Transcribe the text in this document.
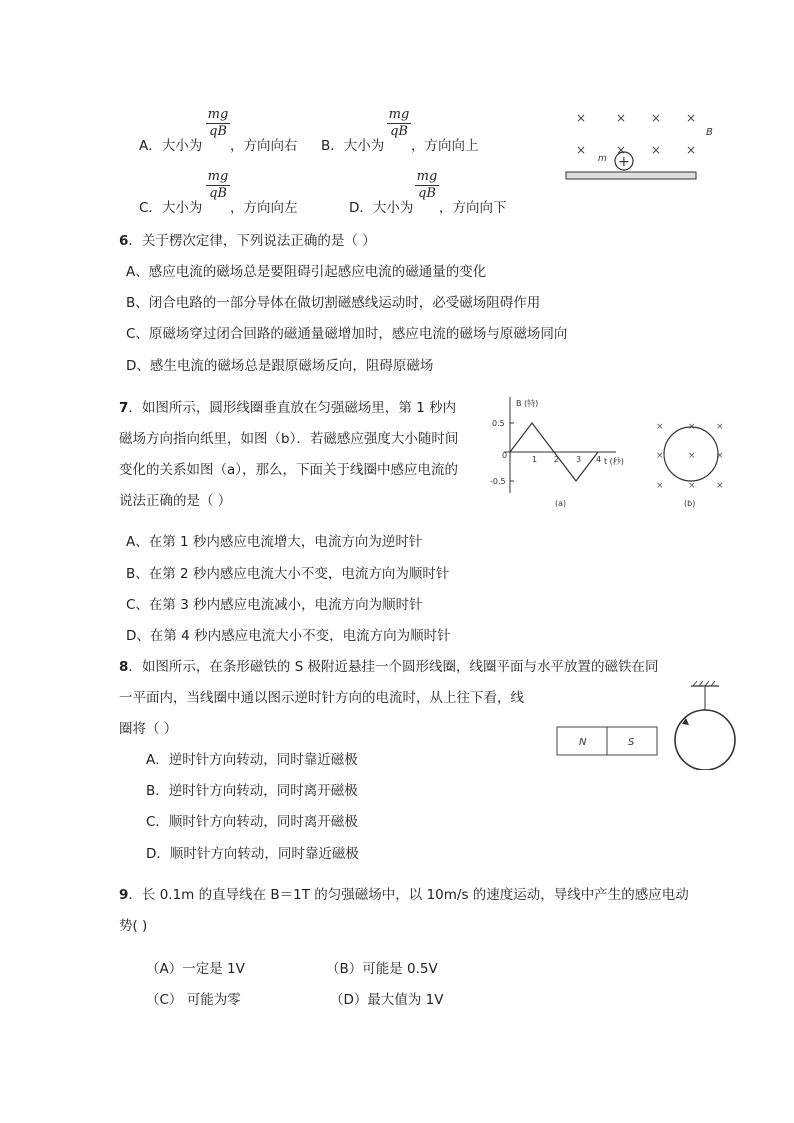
A．大小为
$\frac{mg}{qB}$
，方向向右 B．大小为
$\frac{mg}{qB}$
，方向向上
C．大小为
$\frac{mg}{qB}$
，方向向左	D．大小为
$\frac{mg}{qB}$
，方向向下
× × × ×
× × × ×
B
m +
6．关于楞次定律，下列说法正确的是（ ）
A、感应电流的磁场总是要阻碍引起感应电流的磁通量的变化
B、闭合电路的一部分导体在做切割磁感线运动时，必受磁场阻碍作用
C、原磁场穿过闭合回路的磁通量磁增加时，感应电流的磁场与原磁场同向
D、感生电流的磁场总是跟原磁场反向，阻碍原磁场
7．如图所示，圆形线圈垂直放在匀强磁场里，第 1 秒内
磁场方向指向纸里，如图（b）．若磁感应强度大小随时间
变化的关系如图（a），那么，下面关于线圈中感应电流的
说法正确的是（ ）
B (特)
t (秒)
0.5
0
-0.5
1 2 3 4
(a)
×	× ×
×	× ×
×	× ×
(b)
A、在第 1 秒内感应电流增大，电流方向为逆时针
B、在第 2 秒内感应电流大小不变，电流方向为顺时针
C、在第 3 秒内感应电流减小，电流方向为顺时针
D、在第 4 秒内感应电流大小不变，电流方向为顺时针
8．如图所示，在条形磁铁的 S 极附近悬挂一个圆形线圈，线圈平面与水平放置的磁铁在同
一平面内，当线圈中通以图示逆时针方向的电流时，从上往下看，线
圈将（ ）
N	S
A．逆时针方向转动，同时靠近磁极
B．逆时针方向转动，同时离开磁极
C．顺时针方向转动，同时离开磁极
D．顺时针方向转动，同时靠近磁极
9．长 0.1m 的直导线在 B＝1T 的匀强磁场中，以 10m/s 的速度运动，导线中产生的感应电动
势( )
（A）一定是 1V	（B）可能是 0.5V
（C） 可能为零	（D）最大值为 1V
